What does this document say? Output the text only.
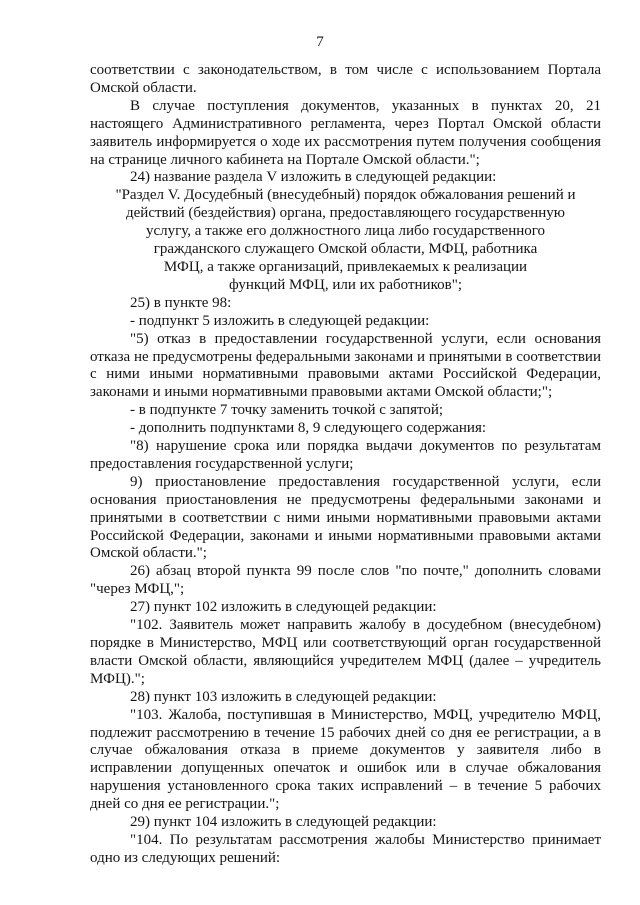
7

соответствии с законодательством, в том числе с использованием Портала Омской области.

В случае поступления документов, указанных в пунктах 20, 21 настоящего Административного регламента, через Портал Омской области заявитель информируется о ходе их рассмотрения путем получения сообщения на странице личного кабинета на Портале Омской области.";

24) название раздела V изложить в следующей редакции:

"Раздел V. Досудебный (внесудебный) порядок обжалования решений и
действий (бездействия) органа, предоставляющего государственную
услугу, а также его должностного лица либо государственного
гражданского служащего Омской области, МФЦ, работника
МФЦ, а также организаций, привлекаемых к реализации
функций МФЦ, или их работников";

25) в пункте 98:

- подпункт 5 изложить в следующей редакции:

"5) отказ в предоставлении государственной услуги, если основания отказа не предусмотрены федеральными законами и принятыми в соответствии с ними иными нормативными правовыми актами Российской Федерации, законами и иными нормативными правовыми актами Омской области;";

- в подпункте 7 точку заменить точкой с запятой;

- дополнить подпунктами 8, 9 следующего содержания:

"8) нарушение срока или порядка выдачи документов по результатам предоставления государственной услуги;

9) приостановление предоставления государственной услуги, если основания приостановления не предусмотрены федеральными законами и принятыми в соответствии с ними иными нормативными правовыми актами Российской Федерации, законами и иными нормативными правовыми актами Омской области.";

26) абзац второй пункта 99 после слов "по почте," дополнить словами "через МФЦ,";

27) пункт 102 изложить в следующей редакции:

"102. Заявитель может направить жалобу в досудебном (внесудебном) порядке в Министерство, МФЦ или соответствующий орган государственной власти Омской области, являющийся учредителем МФЦ (далее – учредитель МФЦ).";

28) пункт 103 изложить в следующей редакции:

"103. Жалоба, поступившая в Министерство, МФЦ, учредителю МФЦ, подлежит рассмотрению в течение 15 рабочих дней со дня ее регистрации, а в случае обжалования отказа в приеме документов у заявителя либо в исправлении допущенных опечаток и ошибок или в случае обжалования нарушения установленного срока таких исправлений – в течение 5 рабочих дней со дня ее регистрации.";

29) пункт 104 изложить в следующей редакции:

"104. По результатам рассмотрения жалобы Министерство принимает одно из следующих решений:
